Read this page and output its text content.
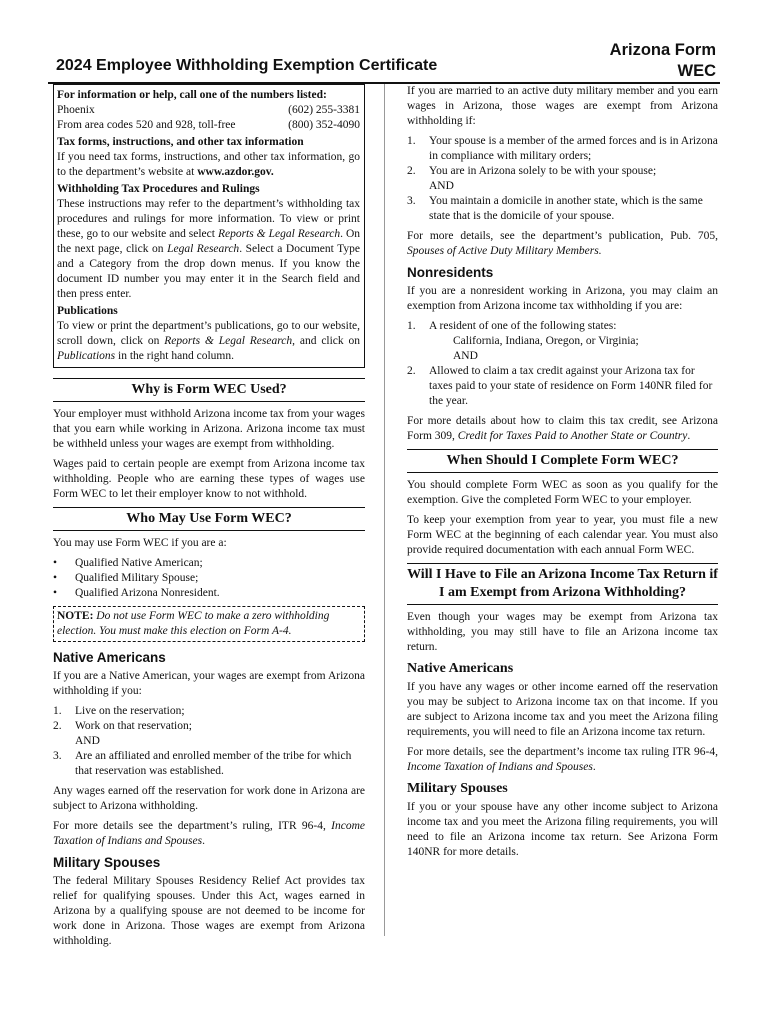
2024 Employee Withholding Exemption Certificate
Arizona Form
WEC

For information or help, call one of the numbers listed:

Phoenix	(602) 255-3381
From area codes 520 and 928, toll-free	(800) 352-4090

Tax forms, instructions, and other tax information

If you need tax forms, instructions, and other tax information, go to the department’s website at www.azdor.gov.

Withholding Tax Procedures and Rulings

These instructions may refer to the department’s withholding tax procedures and rulings for more information. To view or print these, go to our website and select Reports & Legal Research. On the next page, click on Legal Research. Select a Document Type and a Category from the drop down menus. If you know the document ID number you may enter it in the Search field and then press enter.

Publications

To view or print the department’s publications, go to our website, scroll down, click on Reports & Legal Research, and click on Publications in the right hand column.

Why is Form WEC Used?

Your employer must withhold Arizona income tax from your wages that you earn while working in Arizona. Arizona income tax must be withheld unless your wages are exempt from withholding.

Wages paid to certain people are exempt from Arizona income tax withholding. People who are earning these types of wages use Form WEC to let their employer know to not withhold.

Who May Use Form WEC?

You may use Form WEC if you are a:

• Qualified Native American;
• Qualified Military Spouse;
• Qualified Arizona Nonresident.
NOTE: Do not use Form WEC to make a zero withholding election. You must make this election on Form A-4.
Native Americans

If you are a Native American, your wages are exempt from Arizona withholding if you:

1. Live on the reservation;
2. Work on that reservation;
AND
3. Are an affiliated and enrolled member of the tribe for which that reservation was established.

Any wages earned off the reservation for work done in Arizona are subject to Arizona withholding.

For more details see the department’s ruling, ITR 96-4, Income Taxation of Indians and Spouses.

Military Spouses

The federal Military Spouses Residency Relief Act provides tax relief for qualifying spouses. Under this Act, wages earned in Arizona by a qualifying spouse are not deemed to be income for work done in Arizona. Those wages are exempt from Arizona withholding.

If you are married to an active duty military member and you earn wages in Arizona, those wages are exempt from Arizona withholding if:

1. Your spouse is a member of the armed forces and is in Arizona in compliance with military orders;
2. You are in Arizona solely to be with your spouse;
AND
3. You maintain a domicile in another state, which is the same state that is the domicile of your spouse.

For more details, see the department’s publication, Pub. 705, Spouses of Active Duty Military Members.

Nonresidents

If you are a nonresident working in Arizona, you may claim an exemption from Arizona income tax withholding if you are:

1. A resident of one of the following states:
California, Indiana, Oregon, or Virginia;
AND
2. Allowed to claim a tax credit against your Arizona tax for taxes paid to your state of residence on Form 140NR filed for the year.

For more details about how to claim this tax credit, see Arizona Form 309, Credit for Taxes Paid to Another State or Country.

When Should I Complete Form WEC?

You should complete Form WEC as soon as you qualify for the exemption. Give the completed Form WEC to your employer.

To keep your exemption from year to year, you must file a new Form WEC at the beginning of each calendar year. You must also provide required documentation with each annual Form WEC.

Will I Have to File an Arizona Income Tax Return if I am Exempt from Arizona Withholding?

Even though your wages may be exempt from Arizona tax withholding, you may still have to file an Arizona income tax return.

Native Americans

If you have any wages or other income earned off the reservation you may be subject to Arizona income tax on that income. If you are subject to Arizona income tax and you meet the Arizona filing requirements, you will need to file an Arizona income tax return.

For more details, see the department’s income tax ruling ITR 96-4, Income Taxation of Indians and Spouses.

Military Spouses

If you or your spouse have any other income subject to Arizona income tax and you meet the Arizona filing requirements, you will need to file an Arizona income tax return. See Arizona Form 140NR for more details.
